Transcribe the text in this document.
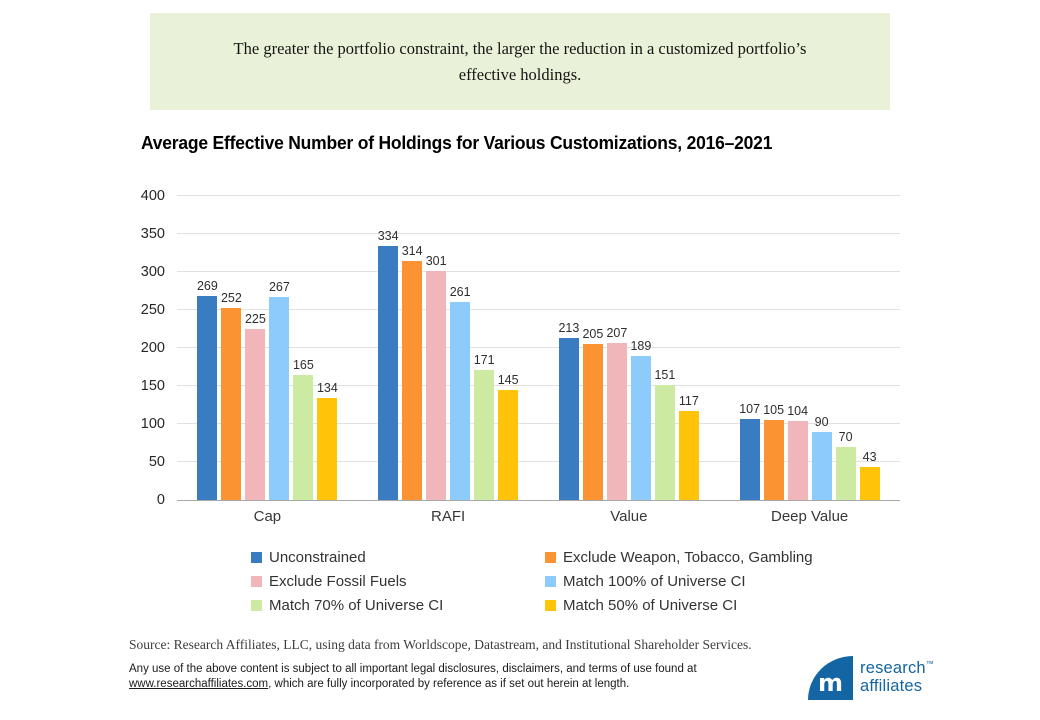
The greater the portfolio constraint, the larger the reduction in a customized portfolio’s effective holdings.

Average Effective Number of Holdings for Various Customizations, 2016–2021
0
50
100
150
200
250
300
350
400
269
252
225
267
165
134
334
314
301
261
171
145
213 205 207
189
151
117
107 105 104
90
70
43
Cap	RAFI	Value	Deep Value
Unconstrained	Exclude Weapon, Tobacco, Gambling
Exclude Fossil Fuels	Match 100% of Universe CI
Match 70% of Universe CI	Match 50% of Universe CI

Source: Research Affiliates, LLC, using data from Worldscope, Datastream, and Institutional Shareholder Services.

Any use of the above content is subject to all important legal disclosures, disclaimers, and terms of use found at www.researchaffiliates.com, which are fully incorporated by reference as if set out herein at length.	m
research™
affiliates
